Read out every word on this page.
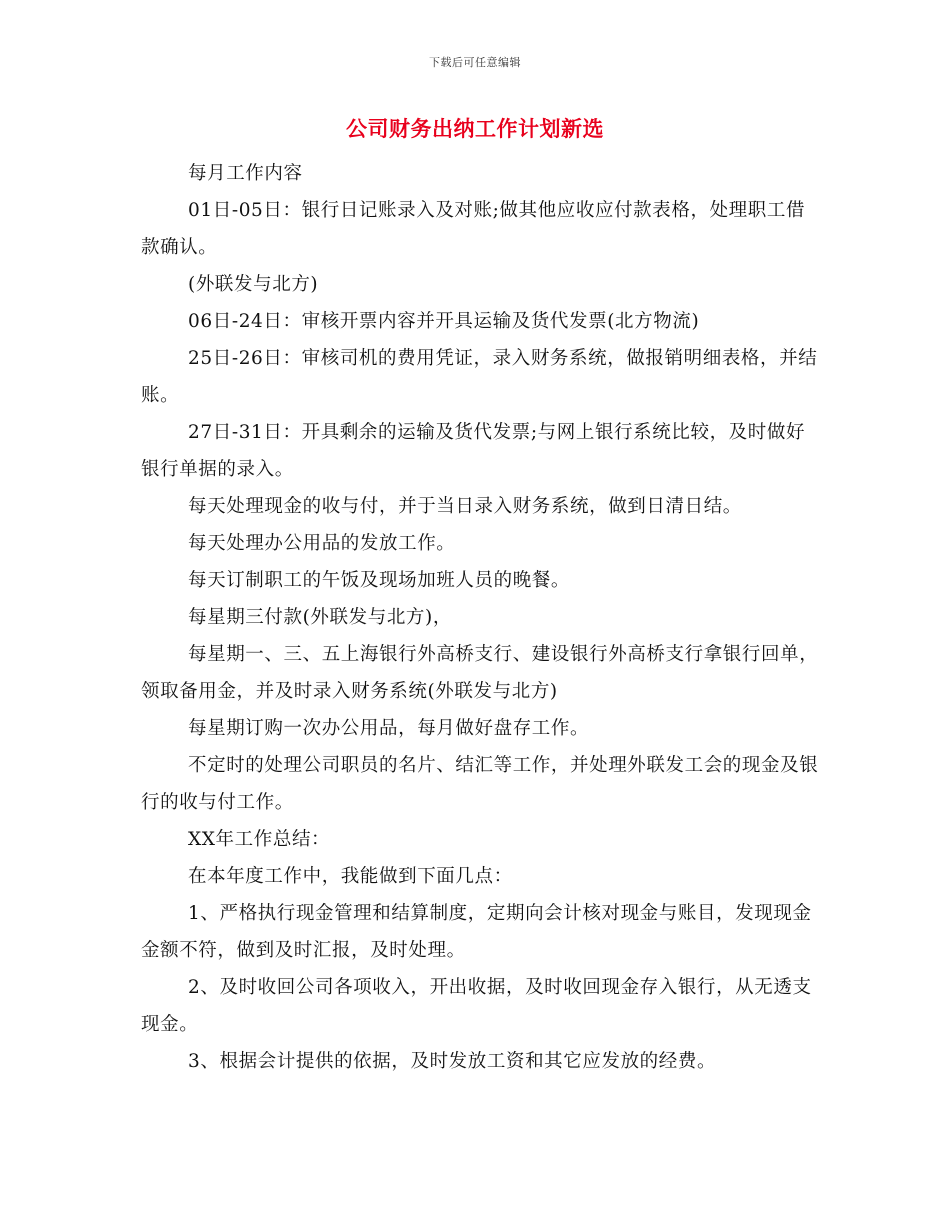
下载后可任意编辑
公司财务出纳工作计划新选

每月工作内容

01日-05日：银行日记账录入及对账;做其他应收应付款表格，处理职工借款确认。

(外联发与北方)

06日-24日：审核开票内容并开具运输及货代发票(北方物流)

25日-26日：审核司机的费用凭证，录入财务系统，做报销明细表格，并结账。

27日-31日：开具剩余的运输及货代发票;与网上银行系统比较，及时做好银行单据的录入。

每天处理现金的收与付，并于当日录入财务系统，做到日清日结。

每天处理办公用品的发放工作。

每天订制职工的午饭及现场加班人员的晚餐。

每星期三付款(外联发与北方)，

每星期一、三、五上海银行外高桥支行、建设银行外高桥支行拿银行回单，领取备用金，并及时录入财务系统(外联发与北方)

每星期订购一次办公用品，每月做好盘存工作。

不定时的处理公司职员的名片、结汇等工作，并处理外联发工会的现金及银行的收与付工作。

XX年工作总结：

在本年度工作中，我能做到下面几点：

1、严格执行现金管理和结算制度，定期向会计核对现金与账目，发现现金金额不符，做到及时汇报，及时处理。

2、及时收回公司各项收入，开出收据，及时收回现金存入银行，从无透支现金。

3、根据会计提供的依据，及时发放工资和其它应发放的经费。
